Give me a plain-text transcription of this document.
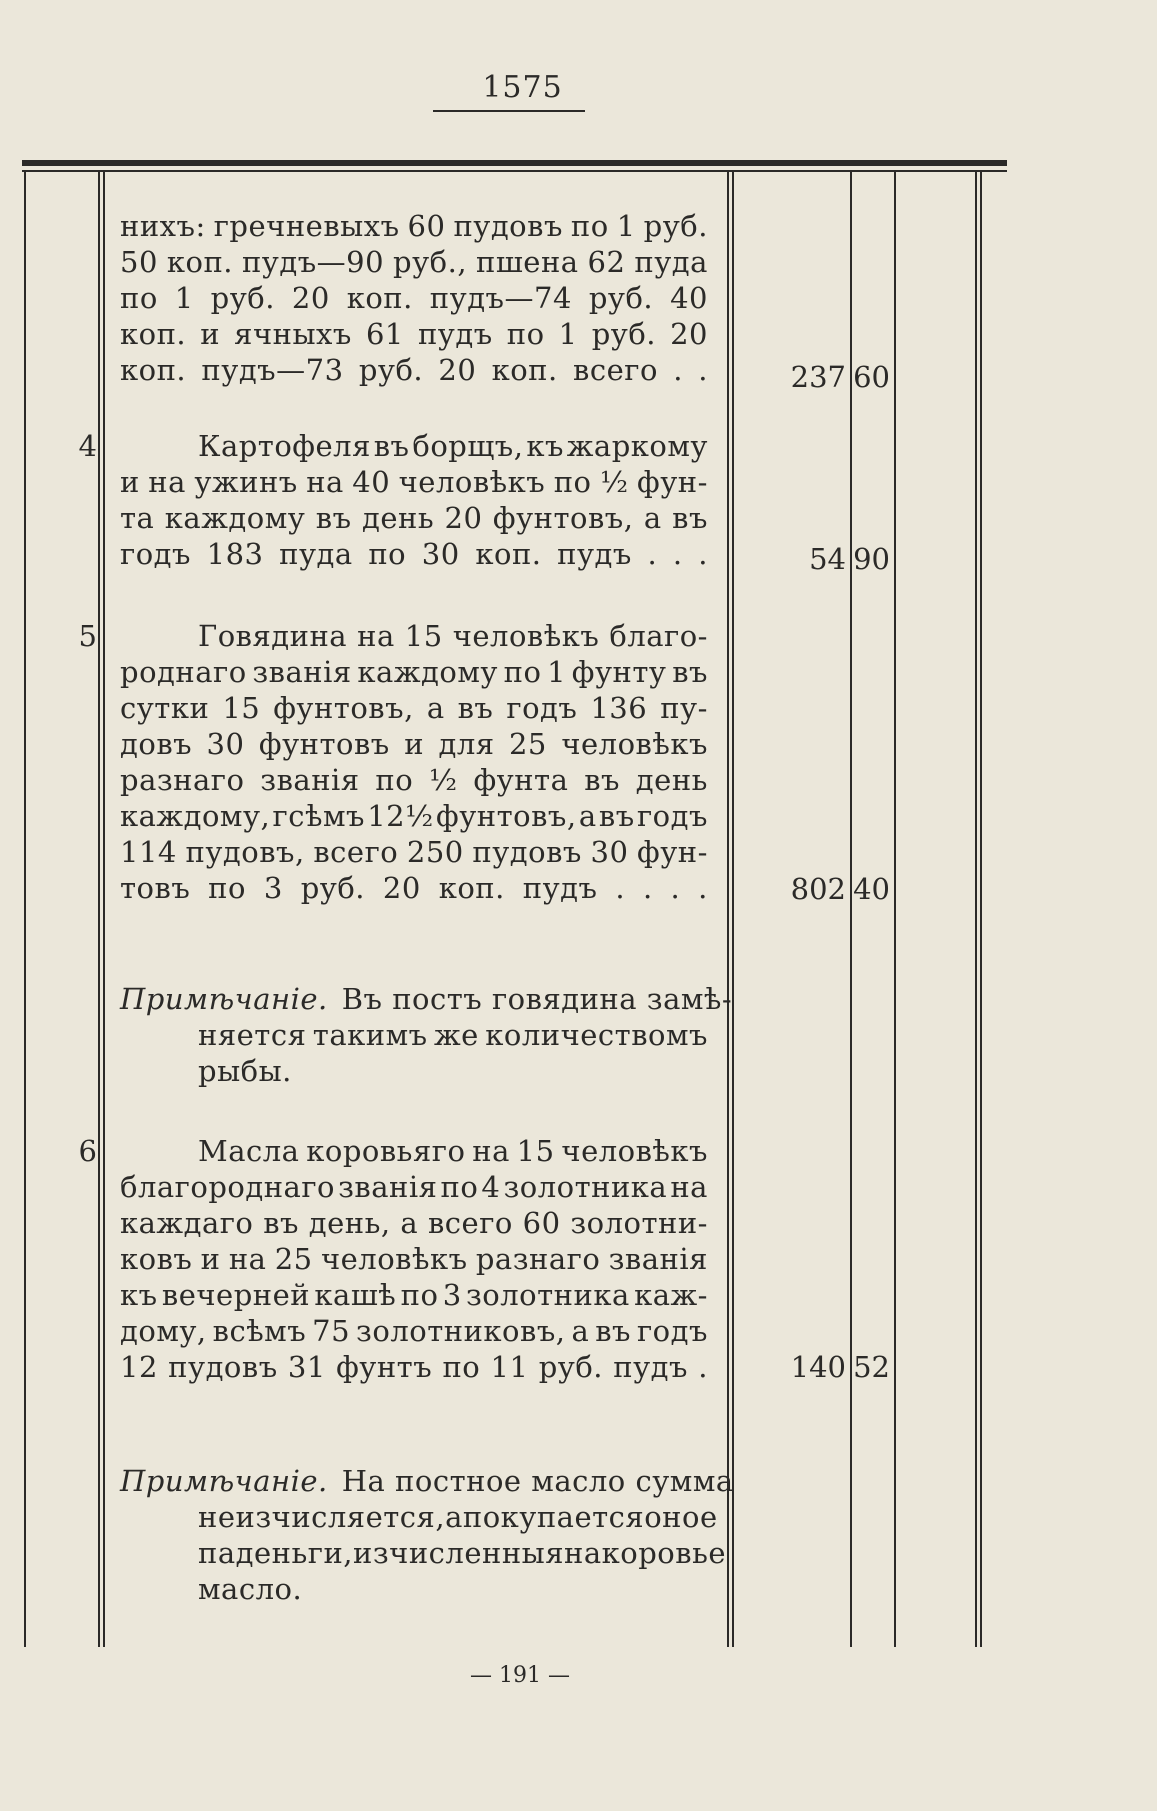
1575
нихъ: гречневыхъ 60 пудовъ по 1 руб.
50 коп. пудъ—90 руб., пшена 62 пуда
по 1 руб. 20 коп. пудъ—74 руб. 40
коп. и ячныхъ 61 пудъ по 1 руб. 20
коп. пудъ—73 руб. 20 коп. всего . .	237 60
4	Картофеля въ борщъ, къ жаркому
и на ужинъ на 40 человѣкъ по ½ фун-
та каждому въ день 20 фунтовъ, а въ
годъ 183 пуда по 30 коп. пудъ . . .	54 90
5	Говядина на 15 человѣкъ благо-
роднаго званія каждому по 1 фунту въ
сутки 15 фунтовъ, а въ годъ 136 пу-
довъ 30 фунтовъ и для 25 человѣкъ
разнаго званія по ½ фунта въ день
каждому, гсѣмъ 12½ фунтовъ, а въ годъ
114 пудовъ, всего 250 пудовъ 30 фун-
товъ по 3 руб. 20 коп. пудъ . . . .	802 40
Примѣчаніе. Въ постъ говядина замѣ-
няется такимъ же количествомъ
рыбы.
6	Масла коровьяго на 15 человѣкъ
благороднаго званія по 4 золотника на
каждаго въ день, а всего 60 золотни-
ковъ и на 25 человѣкъ разнаго званія
къ вечерней кашѣ по 3 золотника каж-
дому, всѣмъ 75 золотниковъ, а въ годъ
12 пудовъ 31 фунтъ по 11 руб. пудъ .	140 52
Примѣчаніе. На постное масло сумма
не изчисляется, а покупается оное
па деньги, изчисленныя на коровье
масло.
— 191 —
